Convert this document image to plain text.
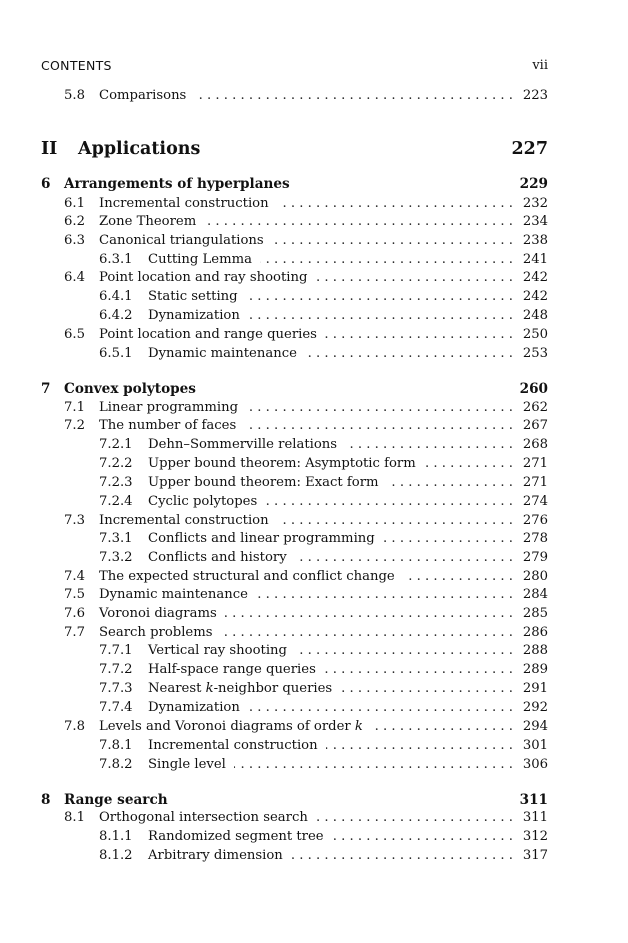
CONTENTS	vii
5.8 Comparisons . . .	223
II Applications	227
6 Arrangements of hyperplanes	229
6.1 Incremental construction . . .	232
6.2 Zone Theorem . . .	234
6.3 Canonical triangulations . . .	238
6.3.1 Cutting Lemma . . .	241
6.4 Point location and ray shooting . . .	242
6.4.1 Static setting . . .	242
6.4.2 Dynamization . . .	248
6.5 Point location and range queries . . .	250
6.5.1 Dynamic maintenance . . .	253
7 Convex polytopes	260
7.1 Linear programming . . .	262
7.2 The number of faces . . .	267
7.2.1 Dehn–Sommerville relations . . .	268
7.2.2 Upper bound theorem: Asymptotic form . . .	271
7.2.3 Upper bound theorem: Exact form . . .	271
7.2.4 Cyclic polytopes . . .	274
7.3 Incremental construction . . .	276
7.3.1 Conflicts and linear programming . . .	278
7.3.2 Conflicts and history . . .	279
7.4 The expected structural and conflict change . . .	280
7.5 Dynamic maintenance . . .	284
7.6 Voronoi diagrams . . .	285
7.7 Search problems . . .	286
7.7.1 Vertical ray shooting . . .	288
7.7.2 Half-space range queries . . .	289
7.7.3 Nearest k-neighbor queries . . .	291
7.7.4 Dynamization . . .	292
7.8 Levels and Voronoi diagrams of order k . . .	294
7.8.1 Incremental construction . . .	301
7.8.2 Single level . . .	306
8 Range search	311
8.1 Orthogonal intersection search . . .	311
8.1.1 Randomized segment tree . . .	312
8.1.2 Arbitrary dimension . . .	317
